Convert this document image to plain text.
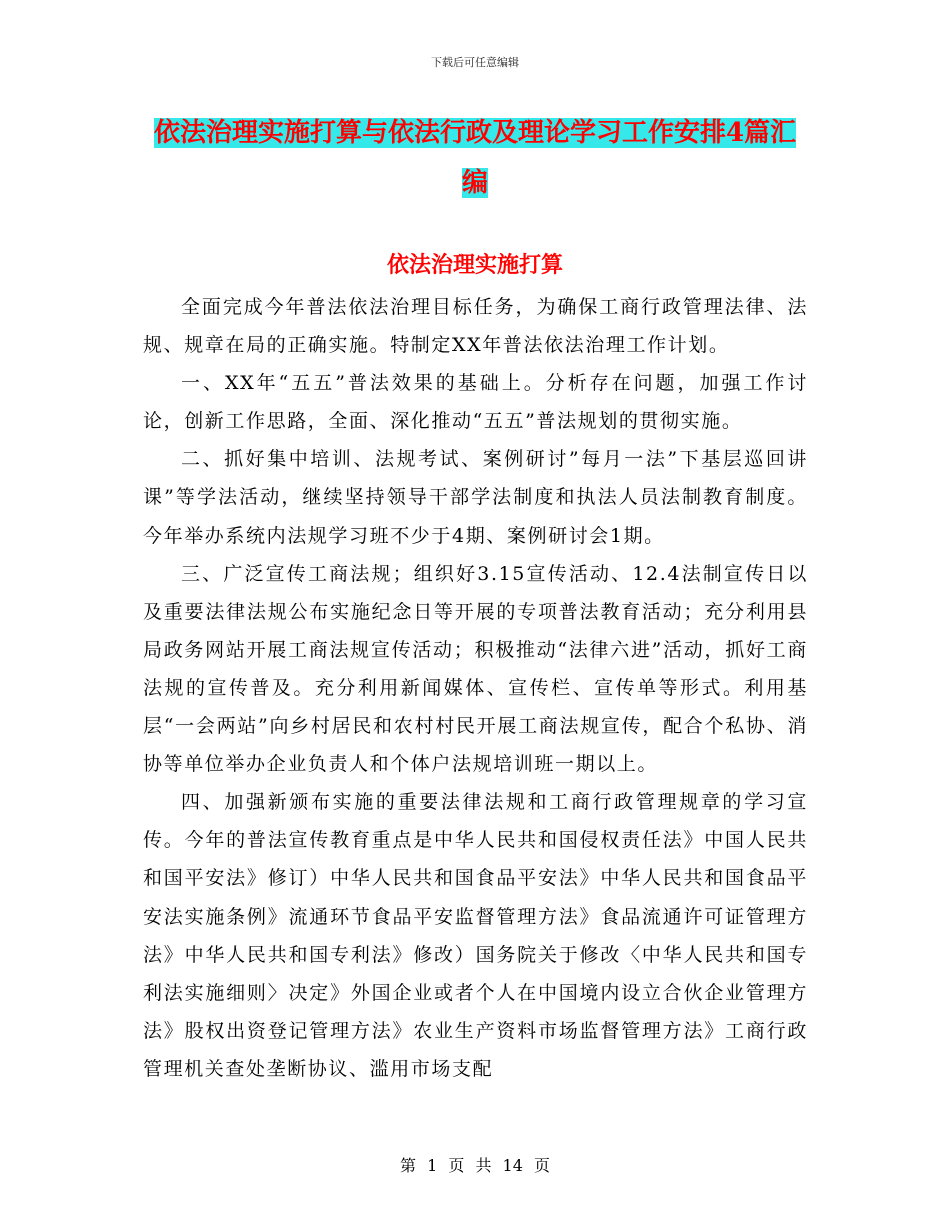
下载后可任意编辑
依法治理实施打算与依法行政及理论学习工作安排4篇汇编
依法治理实施打算

全面完成今年普法依法治理目标任务，为确保工商行政管理法律、法规、规章在局的正确实施。特制定XX年普法依法治理工作计划。

一、XX年“五五”普法效果的基础上。分析存在问题，加强工作讨论，创新工作思路，全面、深化推动“五五”普法规划的贯彻实施。

二、抓好集中培训、法规考试、案例研讨”每月一法”下基层巡回讲课”等学法活动，继续坚持领导干部学法制度和执法人员法制教育制度。今年举办系统内法规学习班不少于4期、案例研讨会1期。

三、广泛宣传工商法规；组织好3.15宣传活动、12.4法制宣传日以及重要法律法规公布实施纪念日等开展的专项普法教育活动；充分利用县局政务网站开展工商法规宣传活动；积极推动“法律六进”活动，抓好工商法规的宣传普及。充分利用新闻媒体、宣传栏、宣传单等形式。利用基层“一会两站”向乡村居民和农村村民开展工商法规宣传，配合个私协、消协等单位举办企业负责人和个体户法规培训班一期以上。

四、加强新颁布实施的重要法律法规和工商行政管理规章的学习宣传。今年的普法宣传教育重点是中华人民共和国侵权责任法》中国人民共和国平安法》修订）中华人民共和国食品平安法》中华人民共和国食品平安法实施条例》流通环节食品平安监督管理方法》食品流通许可证管理方法》中华人民共和国专利法》修改）国务院关于修改〈中华人民共和国专利法实施细则〉决定》外国企业或者个人在中国境内设立合伙企业管理方法》股权出资登记管理方法》农业生产资料市场监督管理方法》工商行政管理机关查处垄断协议、滥用市场支配

第 1 页 共 14 页
